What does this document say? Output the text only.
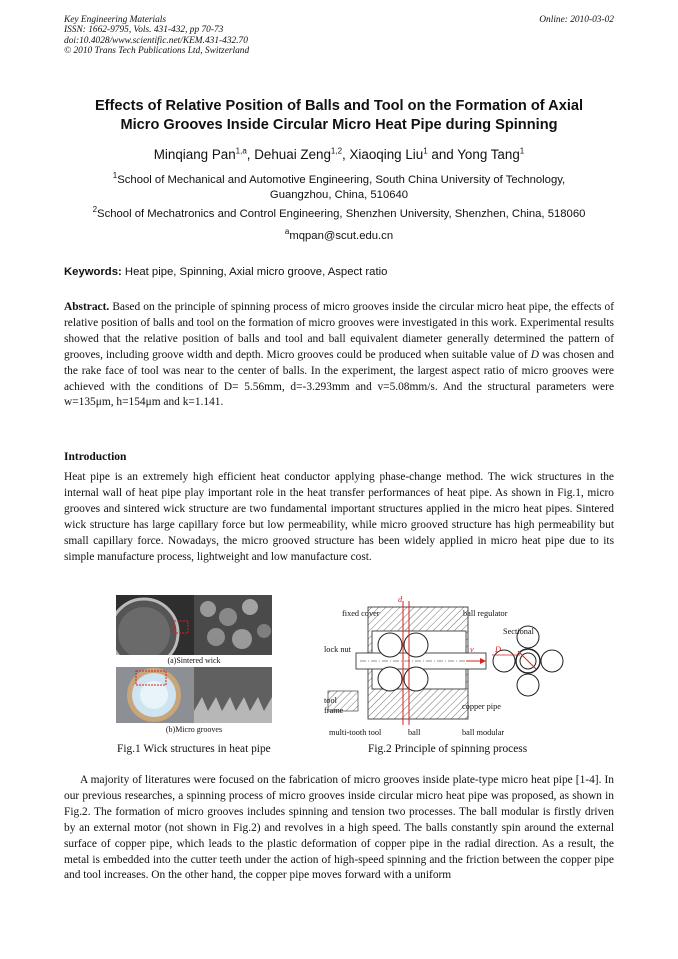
Key Engineering Materials
ISSN: 1662-9795, Vols. 431-432, pp 70-73
doi:10.4028/www.scientific.net/KEM.431-432.70
© 2010 Trans Tech Publications Ltd, Switzerland
Online: 2010-03-02
Effects of Relative Position of Balls and Tool on the Formation of Axial
Micro Grooves Inside Circular Micro Heat Pipe during Spinning
Minqiang Pan$^{1,a}$, Dehuai Zeng$^{1,2}$, Xiaoqing Liu$^1$ and Yong Tang$^1$
$^1$School of Mechanical and Automotive Engineering, South China University of Technology,
Guangzhou, China, 510640
$^2$School of Mechatronics and Control Engineering, Shenzhen University, Shenzhen, China, 518060
$^a$mqpan@scut.edu.cn
Keywords: Heat pipe, Spinning, Axial micro groove, Aspect ratio
Abstract. Based on the principle of spinning process of micro grooves inside the circular micro heat pipe, the effects of relative position of balls and tool on the formation of micro grooves were investigated in this work. Experimental results showed that the relative position of balls and tool and ball equivalent diameter generally determined the pattern of grooves, including groove width and depth. Micro grooves could be produced when suitable value of D was chosen and the rake face of tool was near to the center of balls. In the experiment, the largest aspect ratio of micro grooves were achieved with the conditions of D= 5.56mm, d=-3.293mm and v=5.08mm/s. And the structural parameters were w=135μm, h=154μm and k=1.141.
Introduction
Heat pipe is an extremely high efficient heat conductor applying phase-change method. The wick structures in the internal wall of heat pipe play important role in the heat transfer performances of heat pipe. As shown in Fig.1, micro grooves and sintered wick structure are two fundamental important structures applied in the micro heat pipes. Sintered wick structure has large capillary force but low permeability, while micro grooved structure has high permeability but small capillary force. Nowadays, the micro grooved structure has been widely applied in micro heat pipe due to its simple manufacture process, lightweight and low manufacture cost.
(a)Sintered wick
(b)Micro grooves
Fig.1 Wick structures in heat pipe
fixed cover
d
ball regulator
Sectional
lock nut	v	D
tool frame	copper pipe
multi-tooth tool	ball	ball modular
Fig.2 Principle of spinning process
A majority of literatures were focused on the fabrication of micro grooves inside plate-type micro heat pipe [1-4]. In our previous researches, a spinning process of micro grooves inside circular micro heat pipe was proposed, as shown in Fig.2. The formation of micro grooves includes spinning and tension two processes. The ball modular is firstly driven by an external motor (not shown in Fig.2) and revolves in a high speed. The balls constantly spin around the external surface of copper pipe, which leads to the plastic deformation of copper pipe in the radial direction. As a result, the metal is embedded into the cutter teeth under the action of high-speed spinning and the friction between the copper pipe and tool increases. On the other hand, the copper pipe moves forward with a uniform
